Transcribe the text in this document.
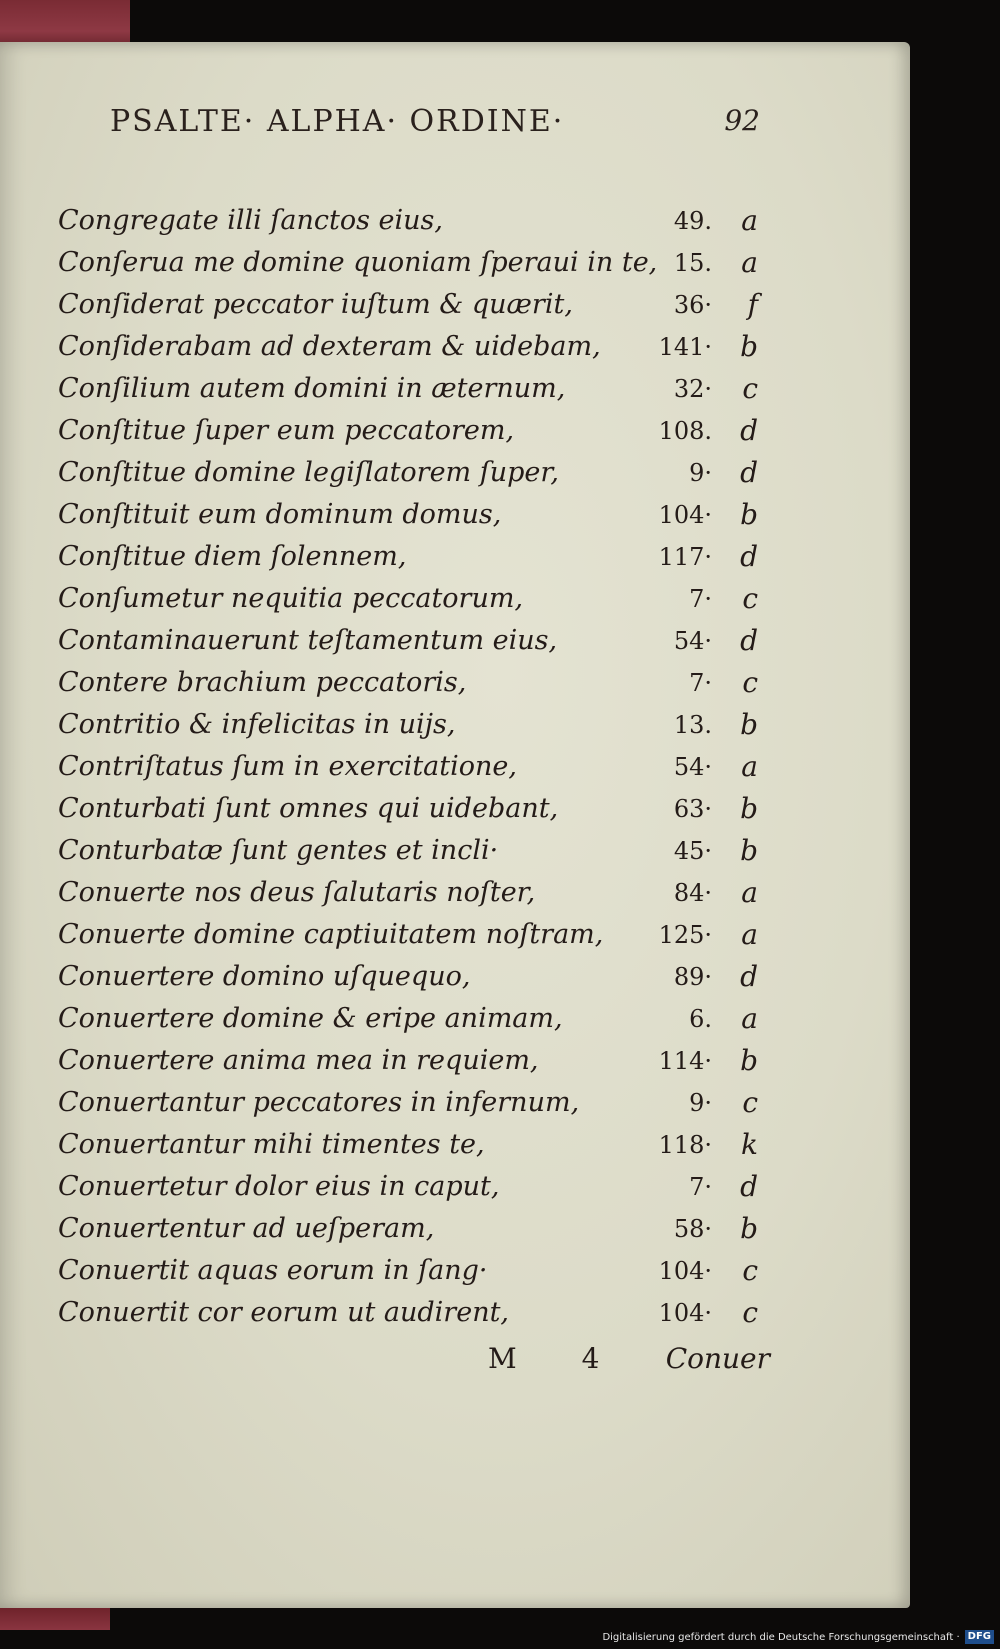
PSALTE· ALPHA· ORDINE·	92
Congregate illi ſanctos eius,	49. a
Conſerua me domine quoniam ſperaui in te, 15. a
Conſiderat peccator iuſtum & quærit,	36· f
Conſiderabam ad dexteram & uidebam, 141· b
Conſilium autem domini in æternum,	32· c
Conſtitue ſuper eum peccatorem,	108. d
Conſtitue domine legiſlatorem ſuper,	9· d
Conſtituit eum dominum domus,	104· b
Conſtitue diem ſolennem,	117· d
Conſumetur nequitia peccatorum,	7· c
Contaminauerunt teſtamentum eius,	54· d
Contere brachium peccatoris,	7· c
Contritio & infelicitas in uijs,	13. b
Contriſtatus ſum in exercitatione,	54· a
Conturbati ſunt omnes qui uidebant,	63· b
Conturbatæ ſunt gentes et incli·	45· b
Conuerte nos deus ſalutaris noſter,	84· a
Conuerte domine captiuitatem noſtram, 125· a
Conuertere domino uſquequo,	89· d
Conuertere domine & eripe animam,	6. a
Conuertere anima mea in requiem,	114· b
Conuertantur peccatores in infernum,	9· c
Conuertantur mihi timentes te,	118· k
Conuertetur dolor eius in caput,	7· d
Conuertentur ad ueſperam,	58· b
Conuertit aquas eorum in ſang·	104· c
Conuertit cor eorum ut audirent,	104· c
M 4 Conuer
Digitalisierung gefördert durch die Deutsche Forschungsgemeinschaft · DFG
